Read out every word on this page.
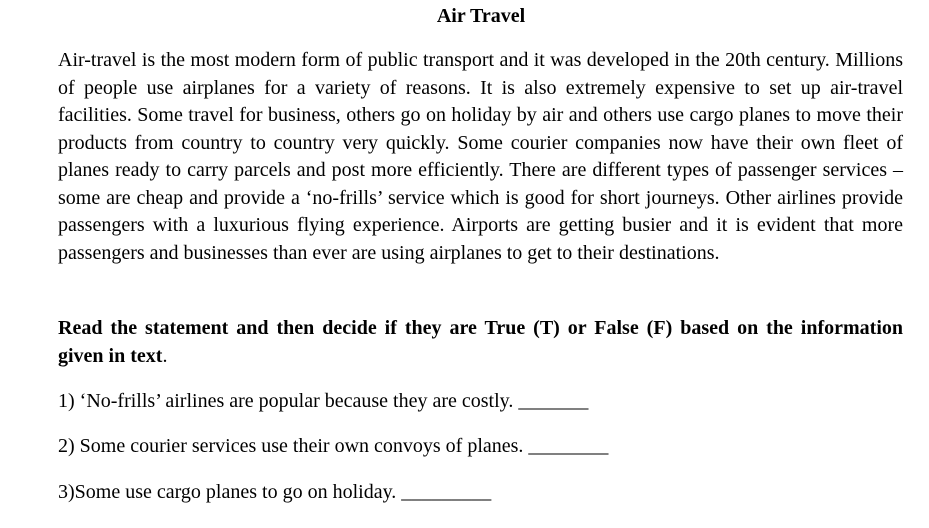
Air Travel

Air-travel is the most modern form of public transport and it was developed in the 20th century. Millions of people use airplanes for a variety of reasons. It is also extremely expensive to set up air-travel facilities. Some travel for business, others go on holiday by air and others use cargo planes to move their products from country to country very quickly. Some courier companies now have their own fleet of planes ready to carry parcels and post more efficiently. There are different types of passenger services – some are cheap and provide a ‘no-frills’ service which is good for short journeys. Other airlines provide passengers with a luxurious flying experience. Airports are getting busier and it is evident that more passengers and businesses than ever are using airplanes to get to their destinations.

Read the statement and then decide if they are True (T) or False (F) based on the information given in text.

1) ‘No-frills’ airlines are popular because they are costly. _______

2) Some courier services use their own convoys of planes. ________

3)Some use cargo planes to go on holiday. _________
